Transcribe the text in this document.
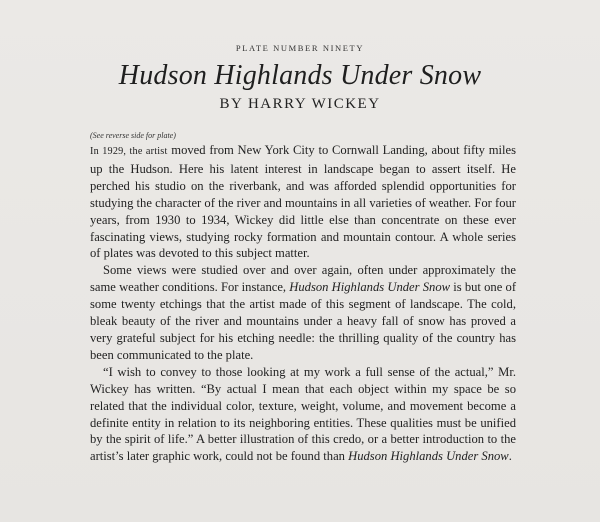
PLATE NUMBER NINETY
Hudson Highlands Under Snow
BY HARRY WICKEY
(See reverse side for plate)

In 1929, the artist moved from New York City to Cornwall Landing, about fifty miles up the Hudson. Here his latent interest in landscape began to assert itself. He perched his studio on the riverbank, and was afforded splendid opportunities for studying the character of the river and mountains in all varieties of weather. For four years, from 1930 to 1934, Wickey did little else than concentrate on these ever fascinating views, studying rocky formation and mountain contour. A whole series of plates was devoted to this subject matter.

Some views were studied over and over again, often under approximately the same weather conditions. For instance, Hudson Highlands Under Snow is but one of some twenty etchings that the artist made of this segment of landscape. The cold, bleak beauty of the river and mountains under a heavy fall of snow has proved a very grateful subject for his etching needle: the thrilling quality of the country has been communicated to the plate.

“I wish to convey to those looking at my work a full sense of the actual,” Mr. Wickey has written. “By actual I mean that each object within my space be so related that the individual color, texture, weight, volume, and movement become a definite entity in relation to its neighboring entities. These qualities must be unified by the spirit of life.” A better illustration of this credo, or a better introduction to the artist’s later graphic work, could not be found than Hudson Highlands Under Snow.
